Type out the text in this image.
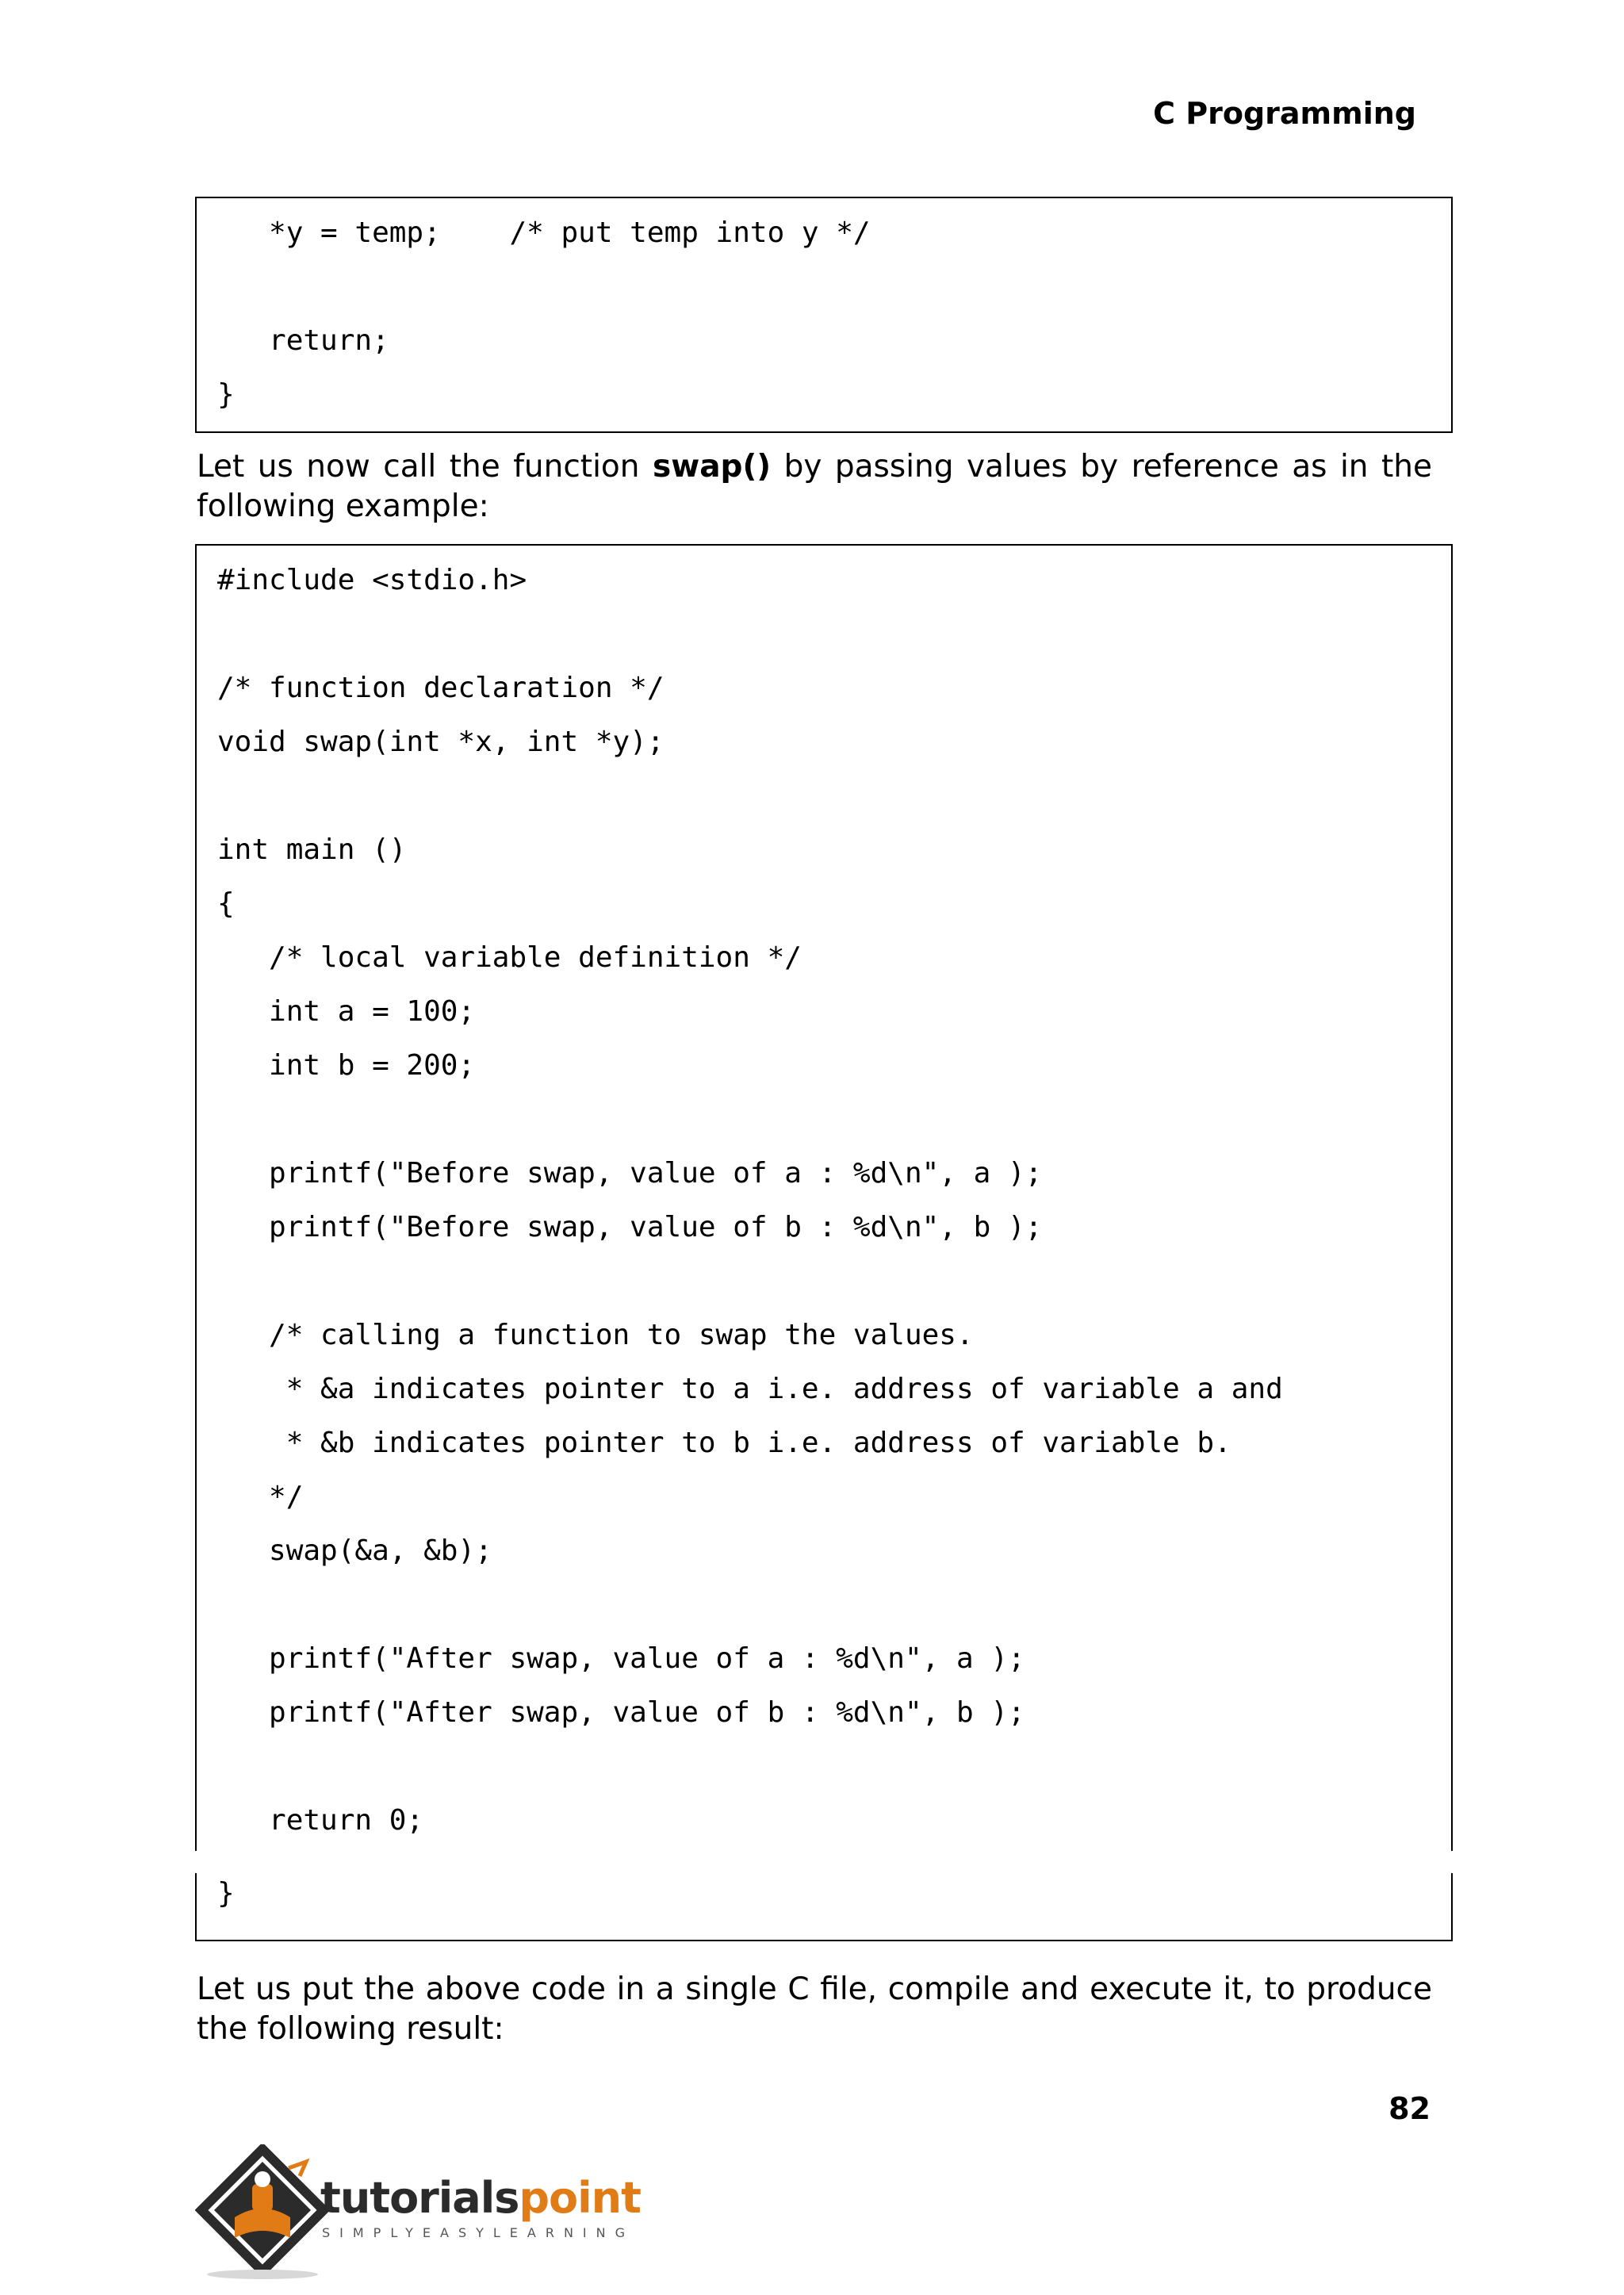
C Programming
*y = temp;    /* put temp into y */
return;
}
Let us now call the function swap() by passing values by reference as in the following example:
#include <stdio.h>
/* function declaration */
void swap(int *x, int *y);
int main ()
{
/* local variable definition */
int a = 100;
int b = 200;
printf("Before swap, value of a : %d\n", a );
printf("Before swap, value of b : %d\n", b );
/* calling a function to swap the values.
* &a indicates pointer to a i.e. address of variable a and
* &b indicates pointer to b i.e. address of variable b.
*/
swap(&a, &b);
printf("After swap, value of a : %d\n", a );
printf("After swap, value of b : %d\n", b );
return 0;
}
Let us put the above code in a single C file, compile and execute it, to produce the following result:
82
tutorialspoint
SIMPLYEASYLEARNING
